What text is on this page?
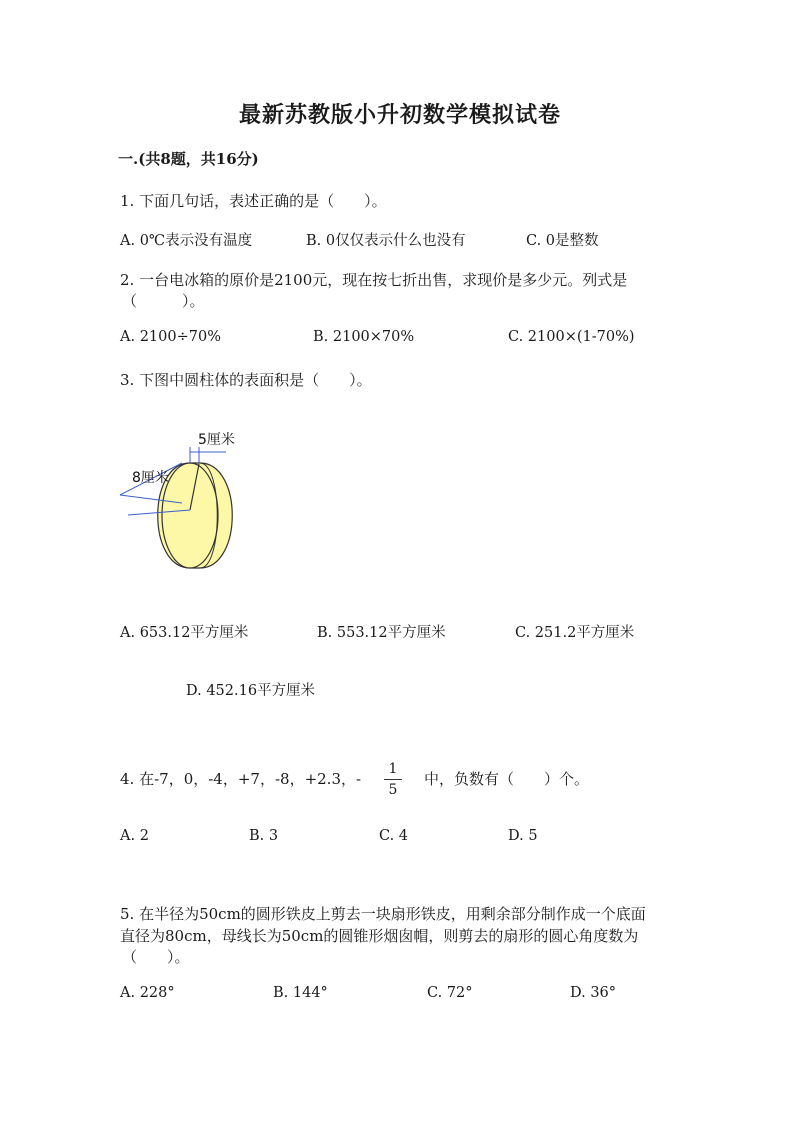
最新苏教版小升初数学模拟试卷
一.(共8题，共16分)
1. 下面几句话，表述正确的是（　　）。
A. 0℃表示没有温度	B. 0仅仅表示什么也没有	C. 0是整数
2. 一台电冰箱的原价是2100元，现在按七折出售，求现价是多少元。列式是
（　　　）。
A. 2100÷70%	B. 2100×70%	C. 2100×(1-70%)
3. 下图中圆柱体的表面积是（　　）。
5厘米
8厘米
A. 653.12平方厘米	B. 553.12平方厘米	C. 251.2平方厘米
D. 452.16平方厘米
4. 在-7，0，-4，+7，-8，+2.3，-
1
5
中，负数有（　　）个。
A. 2	B. 3	C. 4	D. 5
5. 在半径为50cm的圆形铁皮上剪去一块扇形铁皮，用剩余部分制作成一个底面
直径为80cm，母线长为50cm的圆锥形烟囱帽，则剪去的扇形的圆心角度数为
（　　）。
A. 228°	B. 144°	C. 72°	D. 36°
